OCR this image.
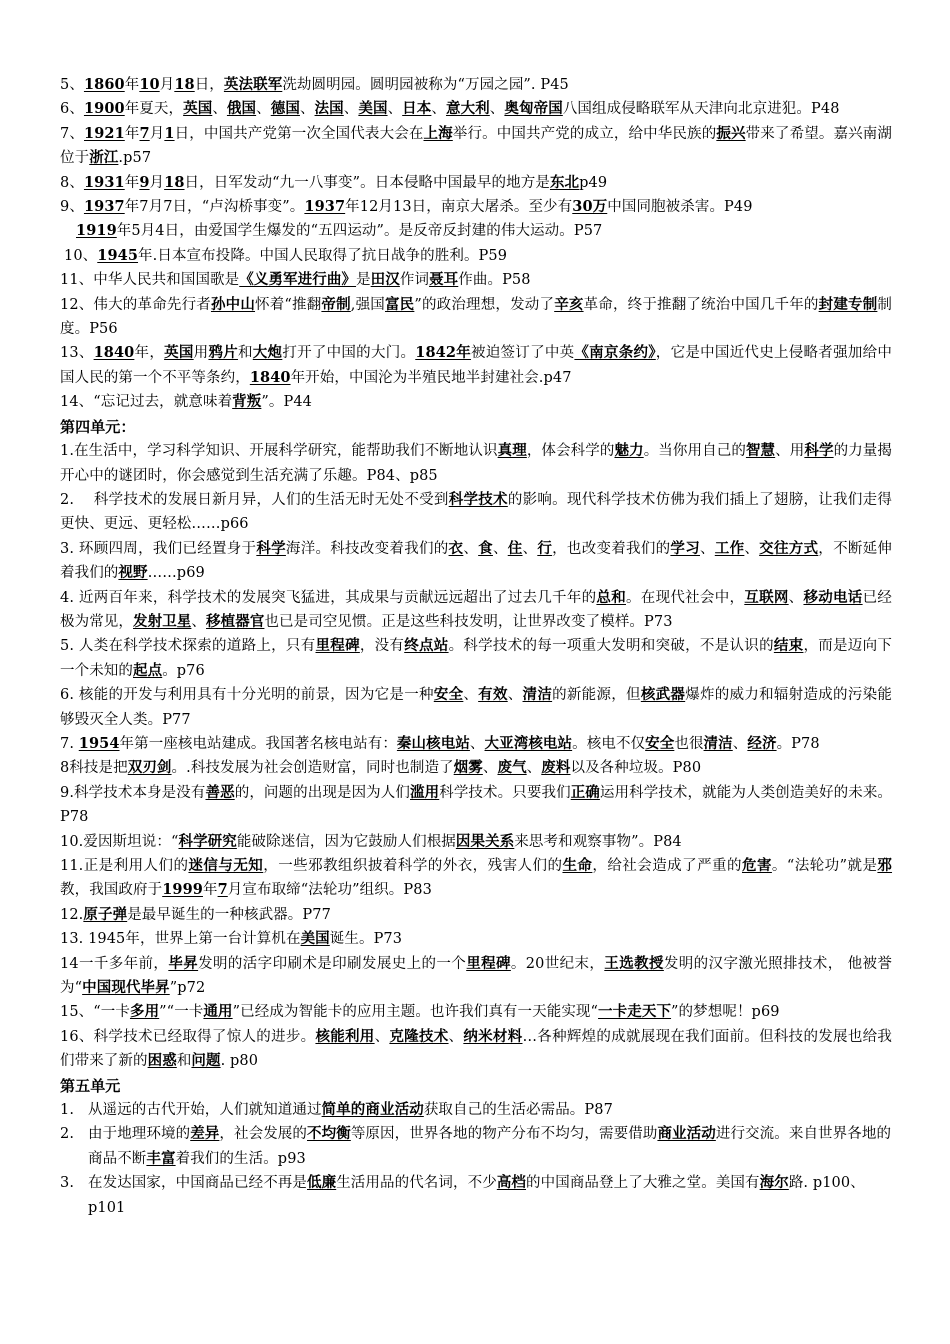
5、1860年10月18日，英法联军洗劫圆明园。圆明园被称为“万园之园”. P45
6、1900年夏天，英国、俄国、德国、法国、美国、日本、意大利、奥匈帝国八国组成侵略联军从天津向北京进犯。P48
7、1921年7月1日，中国共产党第一次全国代表大会在上海举行。中国共产党的成立，给中华民族的振兴带来了希望。嘉兴南湖位于浙江.p57
8、1931年9月18日，日军发动“九一八事变”。日本侵略中国最早的地方是东北p49
9、1937年7月7日，“卢沟桥事变”。1937年12月13日，南京大屠杀。至少有30万中国同胞被杀害。P49
1919年5月4日，由爱国学生爆发的“五四运动”。是反帝反封建的伟大运动。P57
10、1945年.日本宣布投降。中国人民取得了抗日战争的胜利。P59
11、中华人民共和国国歌是《义勇军进行曲》是田汉作词聂耳作曲。P58
12、伟大的革命先行者孙中山怀着“推翻帝制,强国富民”的政治理想，发动了辛亥革命，终于推翻了统治中国几千年的封建专制制度。P56
13、1840年，英国用鸦片和大炮打开了中国的大门。1842年被迫签订了中英《南京条约》，它是中国近代史上侵略者强加给中国人民的第一个不平等条约，1840年开始，中国沦为半殖民地半封建社会.p47
14、“忘记过去，就意味着背叛”。P44
第四单元：
1.在生活中，学习科学知识、开展科学研究，能帮助我们不断地认识真理，体会科学的魅力。当你用自己的智慧、用科学的力量揭开心中的谜团时，你会感觉到生活充满了乐趣。P84、p85
2.　 科学技术的发展日新月异，人们的生活无时无处不受到科学技术的影响。现代科学技术仿佛为我们插上了翅膀，让我们走得更快、更远、更轻松……p66
3. 环顾四周，我们已经置身于科学海洋。科技改变着我们的衣、食、住、行，也改变着我们的学习、工作、交往方式，不断延伸着我们的视野……p69
4. 近两百年来，科学技术的发展突飞猛进，其成果与贡献远远超出了过去几千年的总和。在现代社会中，互联网、移动电话已经极为常见，发射卫星、移植器官也已是司空见惯。正是这些科技发明，让世界改变了模样。P73
5. 人类在科学技术探索的道路上，只有里程碑，没有终点站。科学技术的每一项重大发明和突破，不是认识的结束，而是迈向下一个未知的起点。p76
6. 核能的开发与利用具有十分光明的前景，因为它是一种安全、有效、清洁的新能源，但核武器爆炸的威力和辐射造成的污染能够毁灭全人类。P77
7. 1954年第一座核电站建成。我国著名核电站有：秦山核电站、大亚湾核电站。核电不仅安全也很清洁、经济。P78
8科技是把双刃剑。.科技发展为社会创造财富，同时也制造了烟雾、废气、废料以及各种垃圾。P80
9.科学技术本身是没有善恶的，问题的出现是因为人们滥用科学技术。只要我们正确运用科学技术，就能为人类创造美好的未来。P78
10.爱因斯坦说：“科学研究能破除迷信，因为它鼓励人们根据因果关系来思考和观察事物”。P84
11.正是利用人们的迷信与无知，一些邪教组织披着科学的外衣，残害人们的生命，给社会造成了严重的危害。“法轮功”就是邪教，我国政府于1999年7月宣布取缔“法轮功”组织。P83
12.原子弹是最早诞生的一种核武器。P77
13. 1945年，世界上第一台计算机在美国诞生。P73
14一千多年前，毕昇发明的活字印刷术是印刷发展史上的一个里程碑。20世纪末，王选教授发明的汉字激光照排技术， 他被誉为“中国现代毕昇”p72
15、“一卡多用”“一卡通用”已经成为智能卡的应用主题。也许我们真有一天能实现“一卡走天下”的梦想呢！p69
16、科学技术已经取得了惊人的进步。核能利用、克隆技术、纳米材料…各种辉煌的成就展现在我们面前。但科技的发展也给我们带来了新的困惑和问题. p80
第五单元
1. 从遥远的古代开始，人们就知道通过简单的商业活动获取自己的生活必需品。P87
2. 由于地理环境的差异，社会发展的不均衡等原因，世界各地的物产分布不均匀，需要借助商业活动进行交流。来自世界各地的商品不断丰富着我们的生活。p93
3. 在发达国家，中国商品已经不再是低廉生活用品的代名词，不少高档的中国商品登上了大雅之堂。美国有海尔路. p100、p101
